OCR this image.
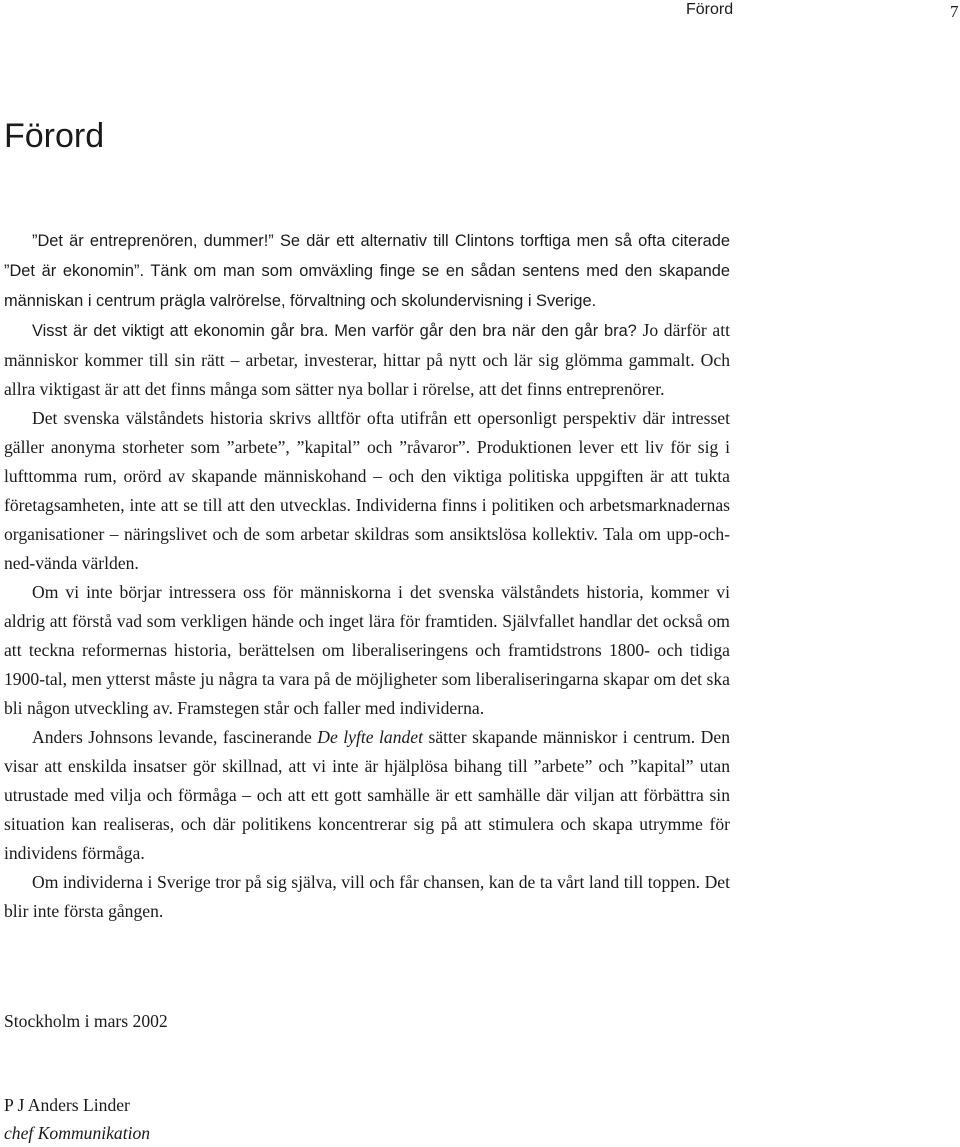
Förord	7
Förord

”Det är entreprenören, dummer!” Se där ett alternativ till Clintons torftiga men så ofta citerade ”Det är ekonomin”. Tänk om man som omväxling finge se en sådan sentens med den skapande människan i centrum prägla valrörelse, förvaltning och skolundervisning i Sverige.

Visst är det viktigt att ekonomin går bra. Men varför går den bra när den går bra? Jo därför att människor kommer till sin rätt – arbetar, investerar, hittar på nytt och lär sig glömma gammalt. Och allra viktigast är att det finns många som sätter nya bollar i rörelse, att det finns entreprenörer.

Det svenska välståndets historia skrivs alltför ofta utifrån ett opersonligt perspektiv där intresset gäller anonyma storheter som ”arbete”, ”kapital” och ”råvaror”. Produktionen lever ett liv för sig i lufttomma rum, orörd av skapande människohand – och den viktiga politiska uppgiften är att tukta företagsamheten, inte att se till att den utvecklas. Individerna finns i politiken och arbetsmarknadernas organisationer – näringslivet och de som arbetar skildras som ansiktslösa kollektiv. Tala om upp-och-ned-vända världen.

Om vi inte börjar intressera oss för människorna i det svenska välståndets historia, kommer vi aldrig att förstå vad som verkligen hände och inget lära för framtiden. Självfallet handlar det också om att teckna reformernas historia, berättelsen om liberaliseringens och framtidstrons 1800- och tidiga 1900-tal, men ytterst måste ju några ta vara på de möjligheter som liberaliseringarna skapar om det ska bli någon utveckling av. Framstegen står och faller med individerna.

Anders Johnsons levande, fascinerande De lyfte landet sätter skapande människor i centrum. Den visar att enskilda insatser gör skillnad, att vi inte är hjälplösa bihang till ”arbete” och ”kapital” utan utrustade med vilja och förmåga – och att ett gott samhälle är ett samhälle där viljan att förbättra sin situation kan realiseras, och där politikens koncentrerar sig på att stimulera och skapa utrymme för individens förmåga.

Om individerna i Sverige tror på sig själva, vill och får chansen, kan de ta vårt land till toppen. Det blir inte första gången.

Stockholm i mars 2002

P J Anders Linder
chef Kommunikation
